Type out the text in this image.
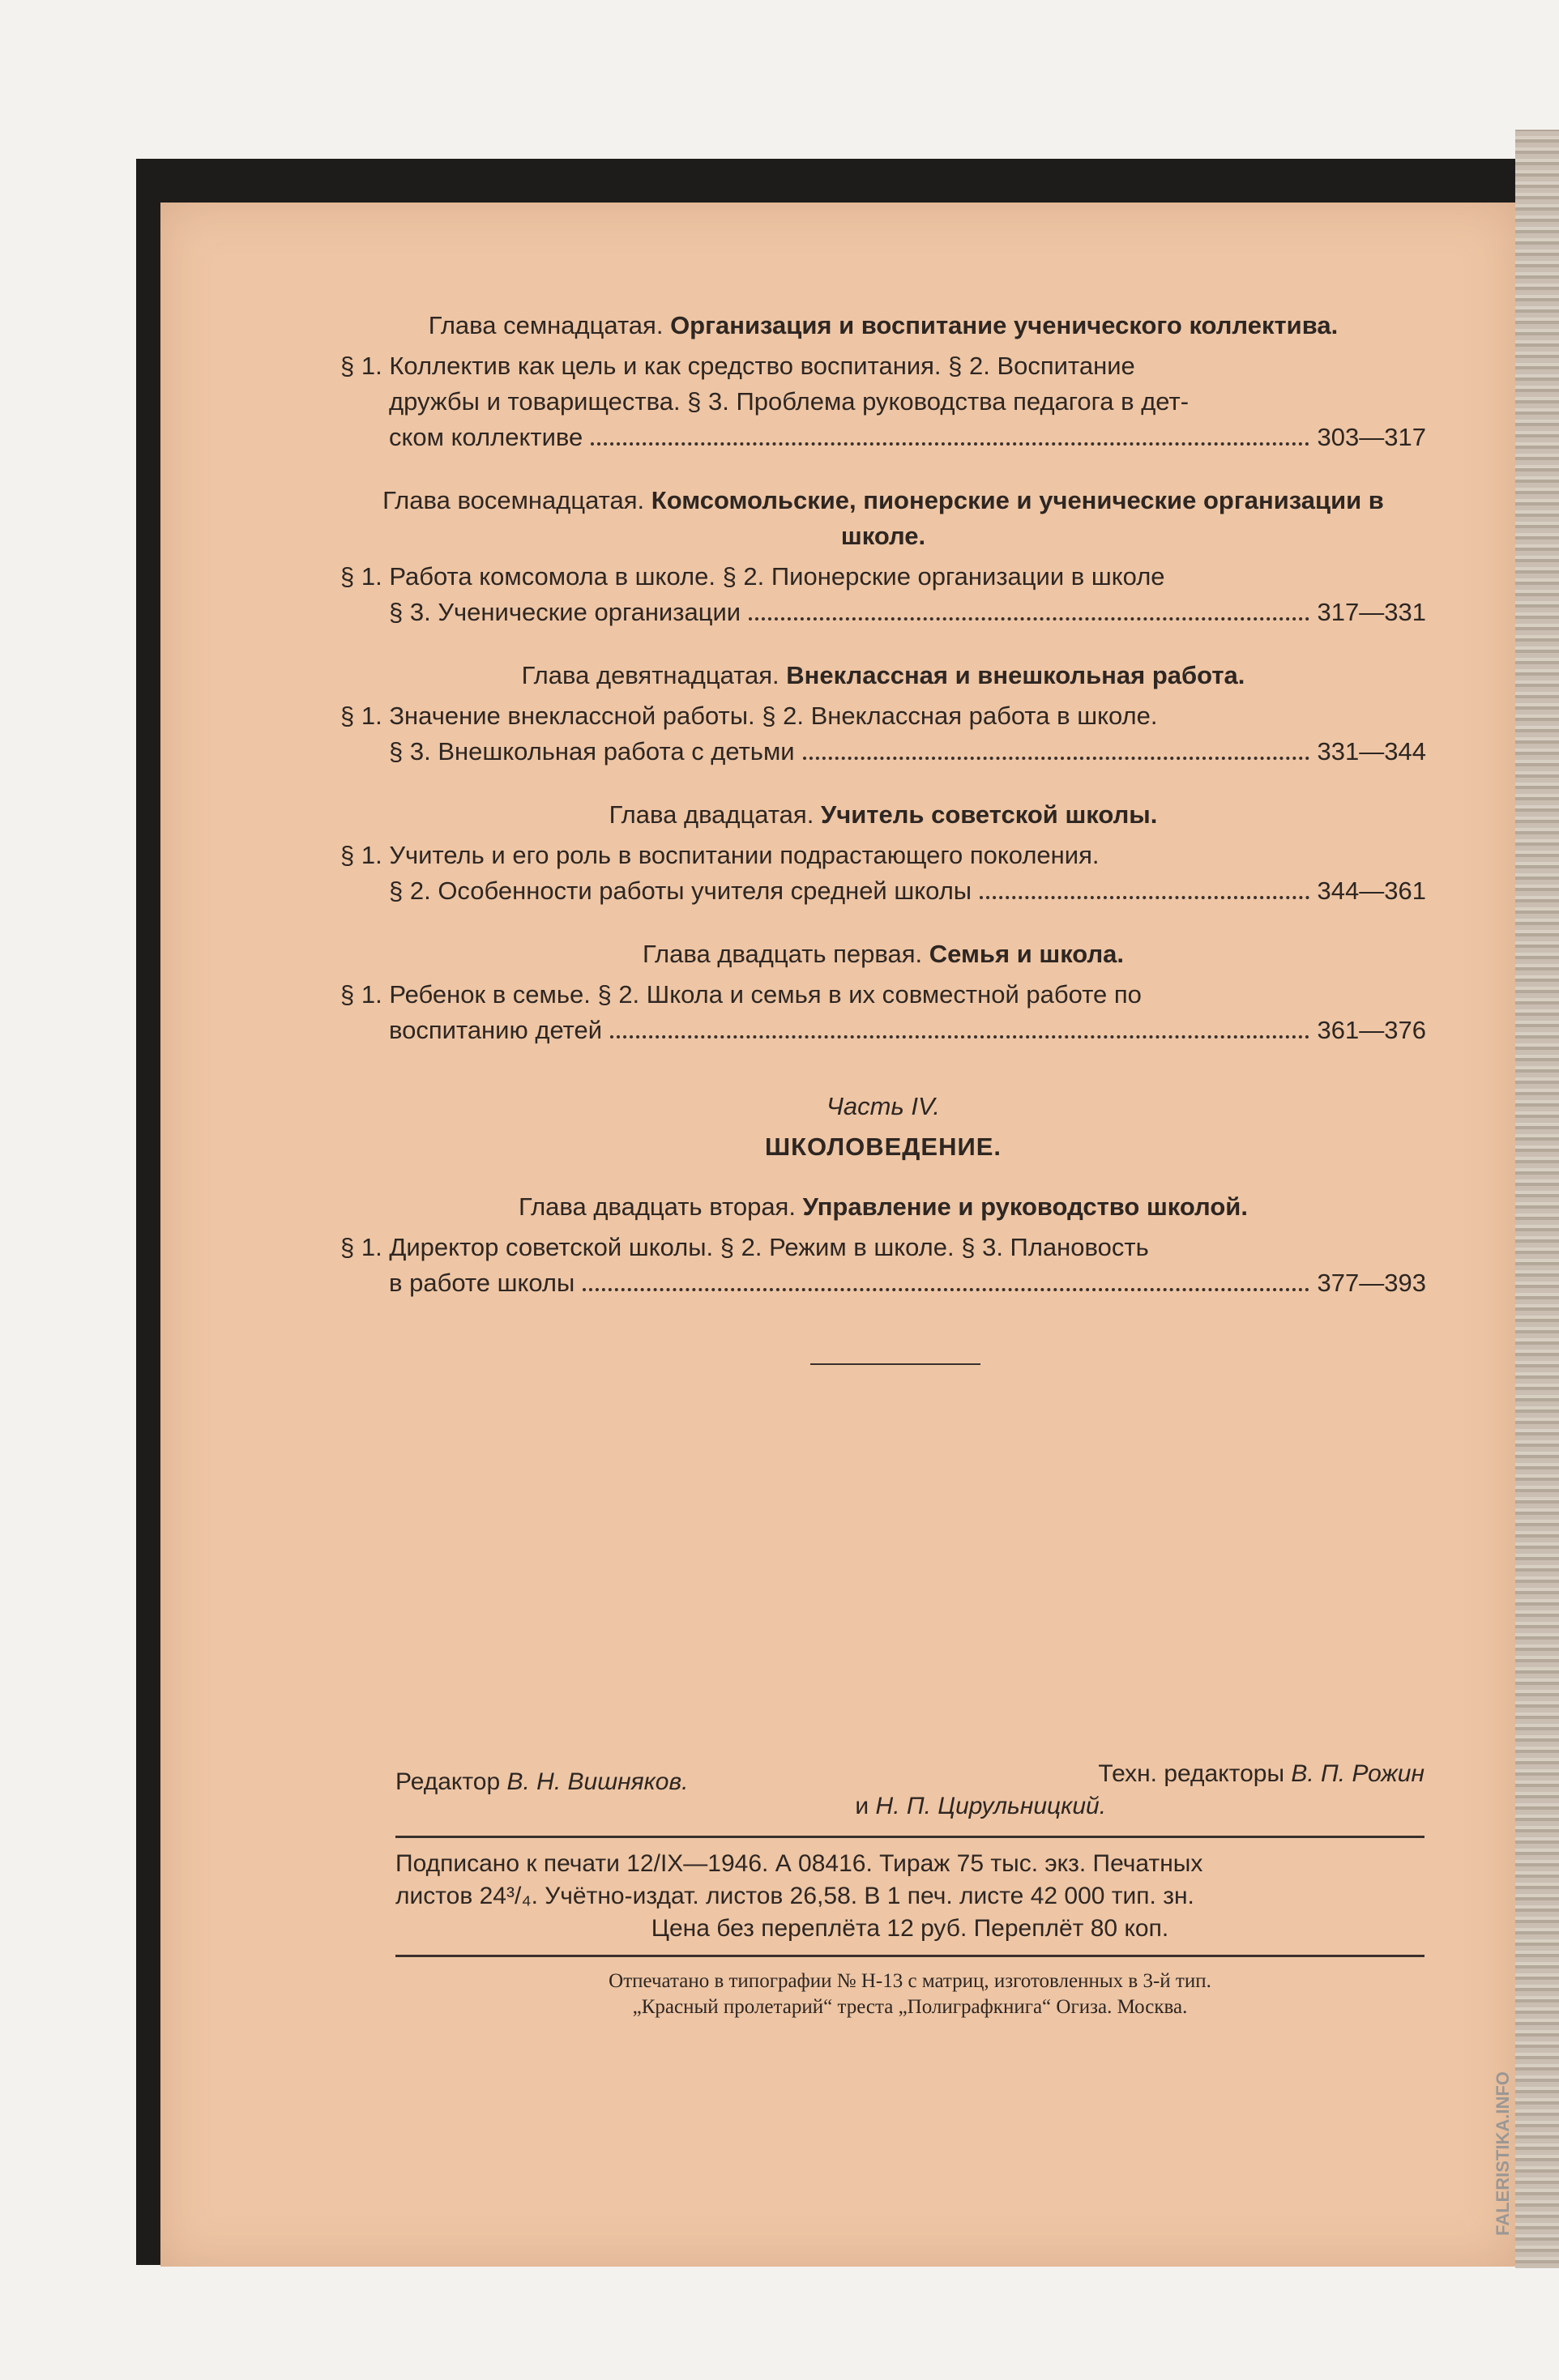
Глава семнадцатая. Организация и воспитание ученического коллектива.
§ 1. Коллектив как цель и как средство воспитания. § 2. Воспитание
дружбы и товарищества. § 3. Проблема руководства педагога в дет-
ском коллективе	303—317
Глава восемнадцатая. Комсомольские, пионерские и ученические организации в школе.
§ 1. Работа комсомола в школе. § 2. Пионерские организации в школе
§ 3. Ученические организации	317—331
Глава девятнадцатая. Внеклассная и внешкольная работа.
§ 1. Значение внеклассной работы. § 2. Внеклассная работа в школе.
§ 3. Внешкольная работа с детьми	331—344
Глава двадцатая. Учитель советской школы.
§ 1. Учитель и его роль в воспитании подрастающего поколения.
§ 2. Особенности работы учителя средней школы	344—361
Глава двадцать первая. Семья и школа.
§ 1. Ребенок в семье. § 2. Школа и семья в их совместной работе по
воспитанию детей	361—376
Часть IV.
ШКОЛОВЕДЕНИЕ.
Глава двадцать вторая. Управление и руководство школой.
§ 1. Директор советской школы. § 2. Режим в школе. § 3. Плановость
в работе школы	377—393
Редактор В. Н. Вишняков.	Техн. редакторы В. П. Рожин
и Н. П. Цирульницкий.
Подписано к печати 12/IX—1946. А 08416. Тираж 75 тыс. экз. Печатных
листов 24³/₄. Учётно-издат. листов 26,58. В 1 печ. листе 42 000 тип. зн.
Цена без переплёта 12 руб. Переплёт 80 коп.
Отпечатано в типографии № Н-13 с матриц, изготовленных в 3-й тип.
„Красный пролетарий“ треста „Полиграфкнига“ Огиза. Москва.
FALERISTIKA.INFO
